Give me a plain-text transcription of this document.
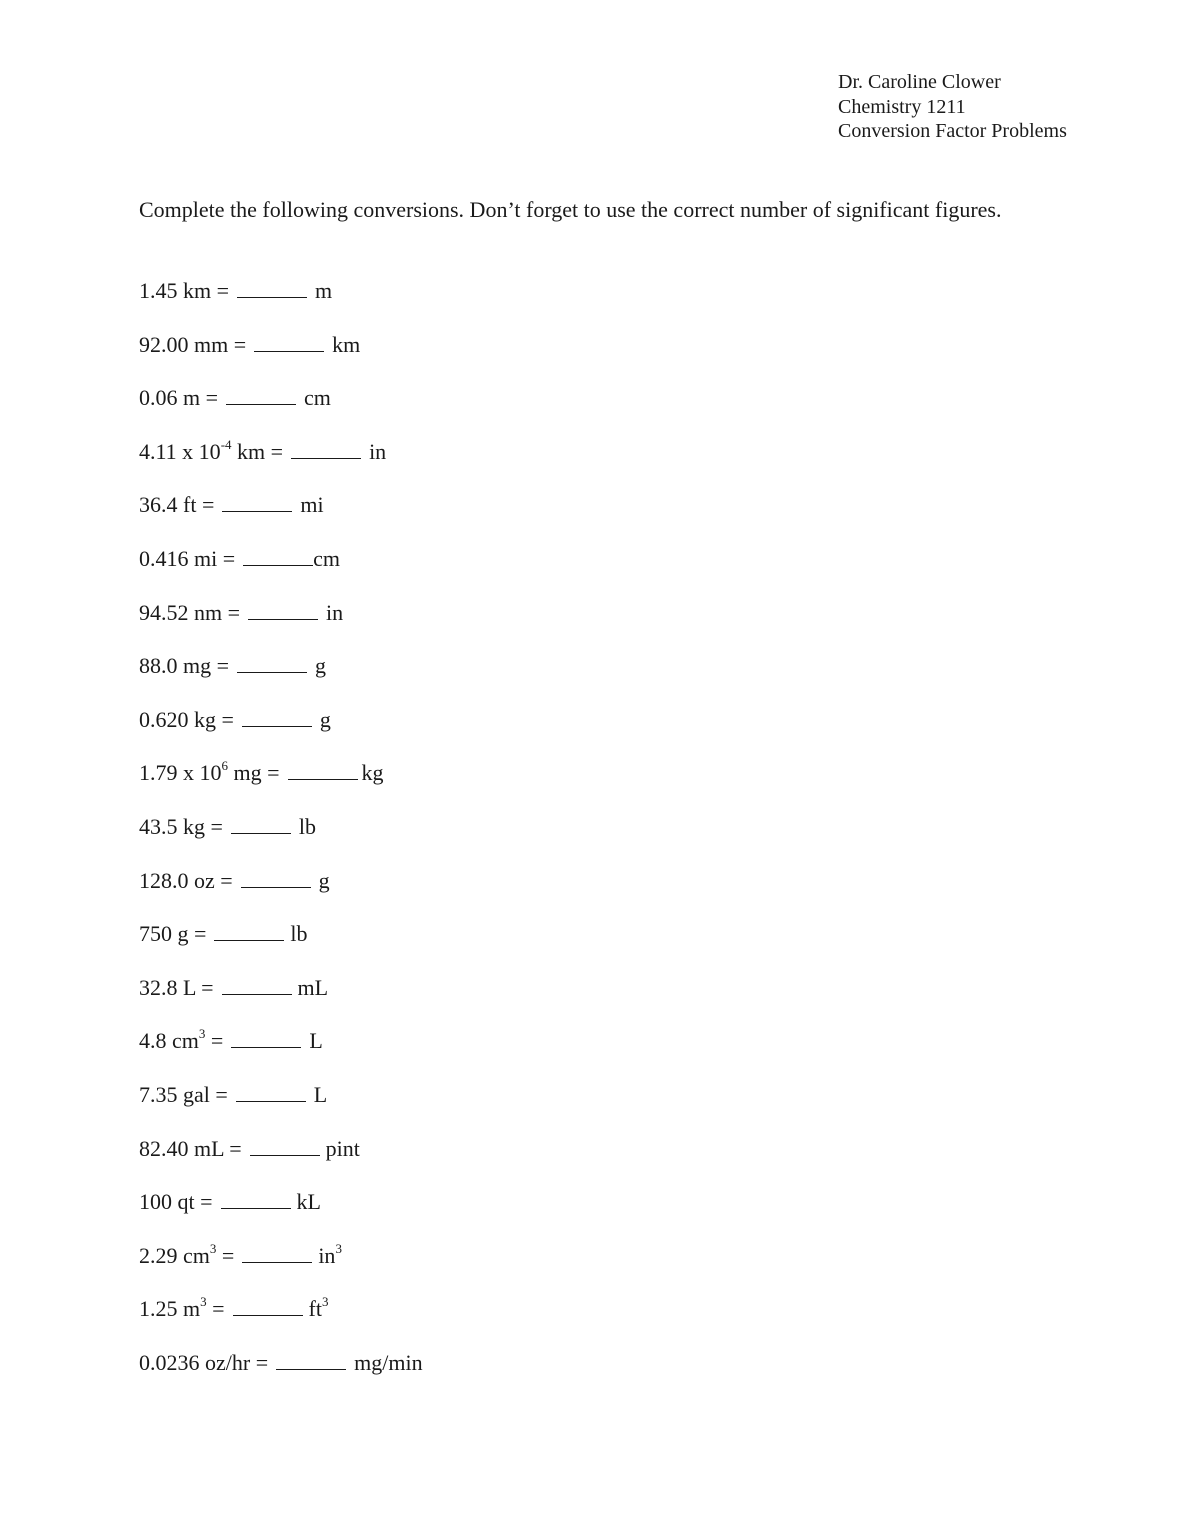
Dr. Caroline Clower
Chemistry 1211
Conversion Factor Problems
Complete the following conversions. Don’t forget to use the correct number of significant figures.
1.45 km =	m
92.00 mm =	km
0.06 m =	cm
4.11 x $10^{-4}$ km =	in
36.4 ft =	mi
0.416 mi =	cm
94.52 nm =	in
88.0 mg =	g
0.620 kg =	g
1.79 x $10^6$ mg =	kg
43.5 kg =	lb
128.0 oz =	g
750 g =	lb
32.8 L =	mL
4.8 $cm^3$ =	L
7.35 gal =	L
82.40 mL =	pint
100 qt =	kL
2.29 $cm^3$ =	$in^3$
1.25 $m^3$ =	$ft^3$
0.0236 oz/hr =	mg/min
